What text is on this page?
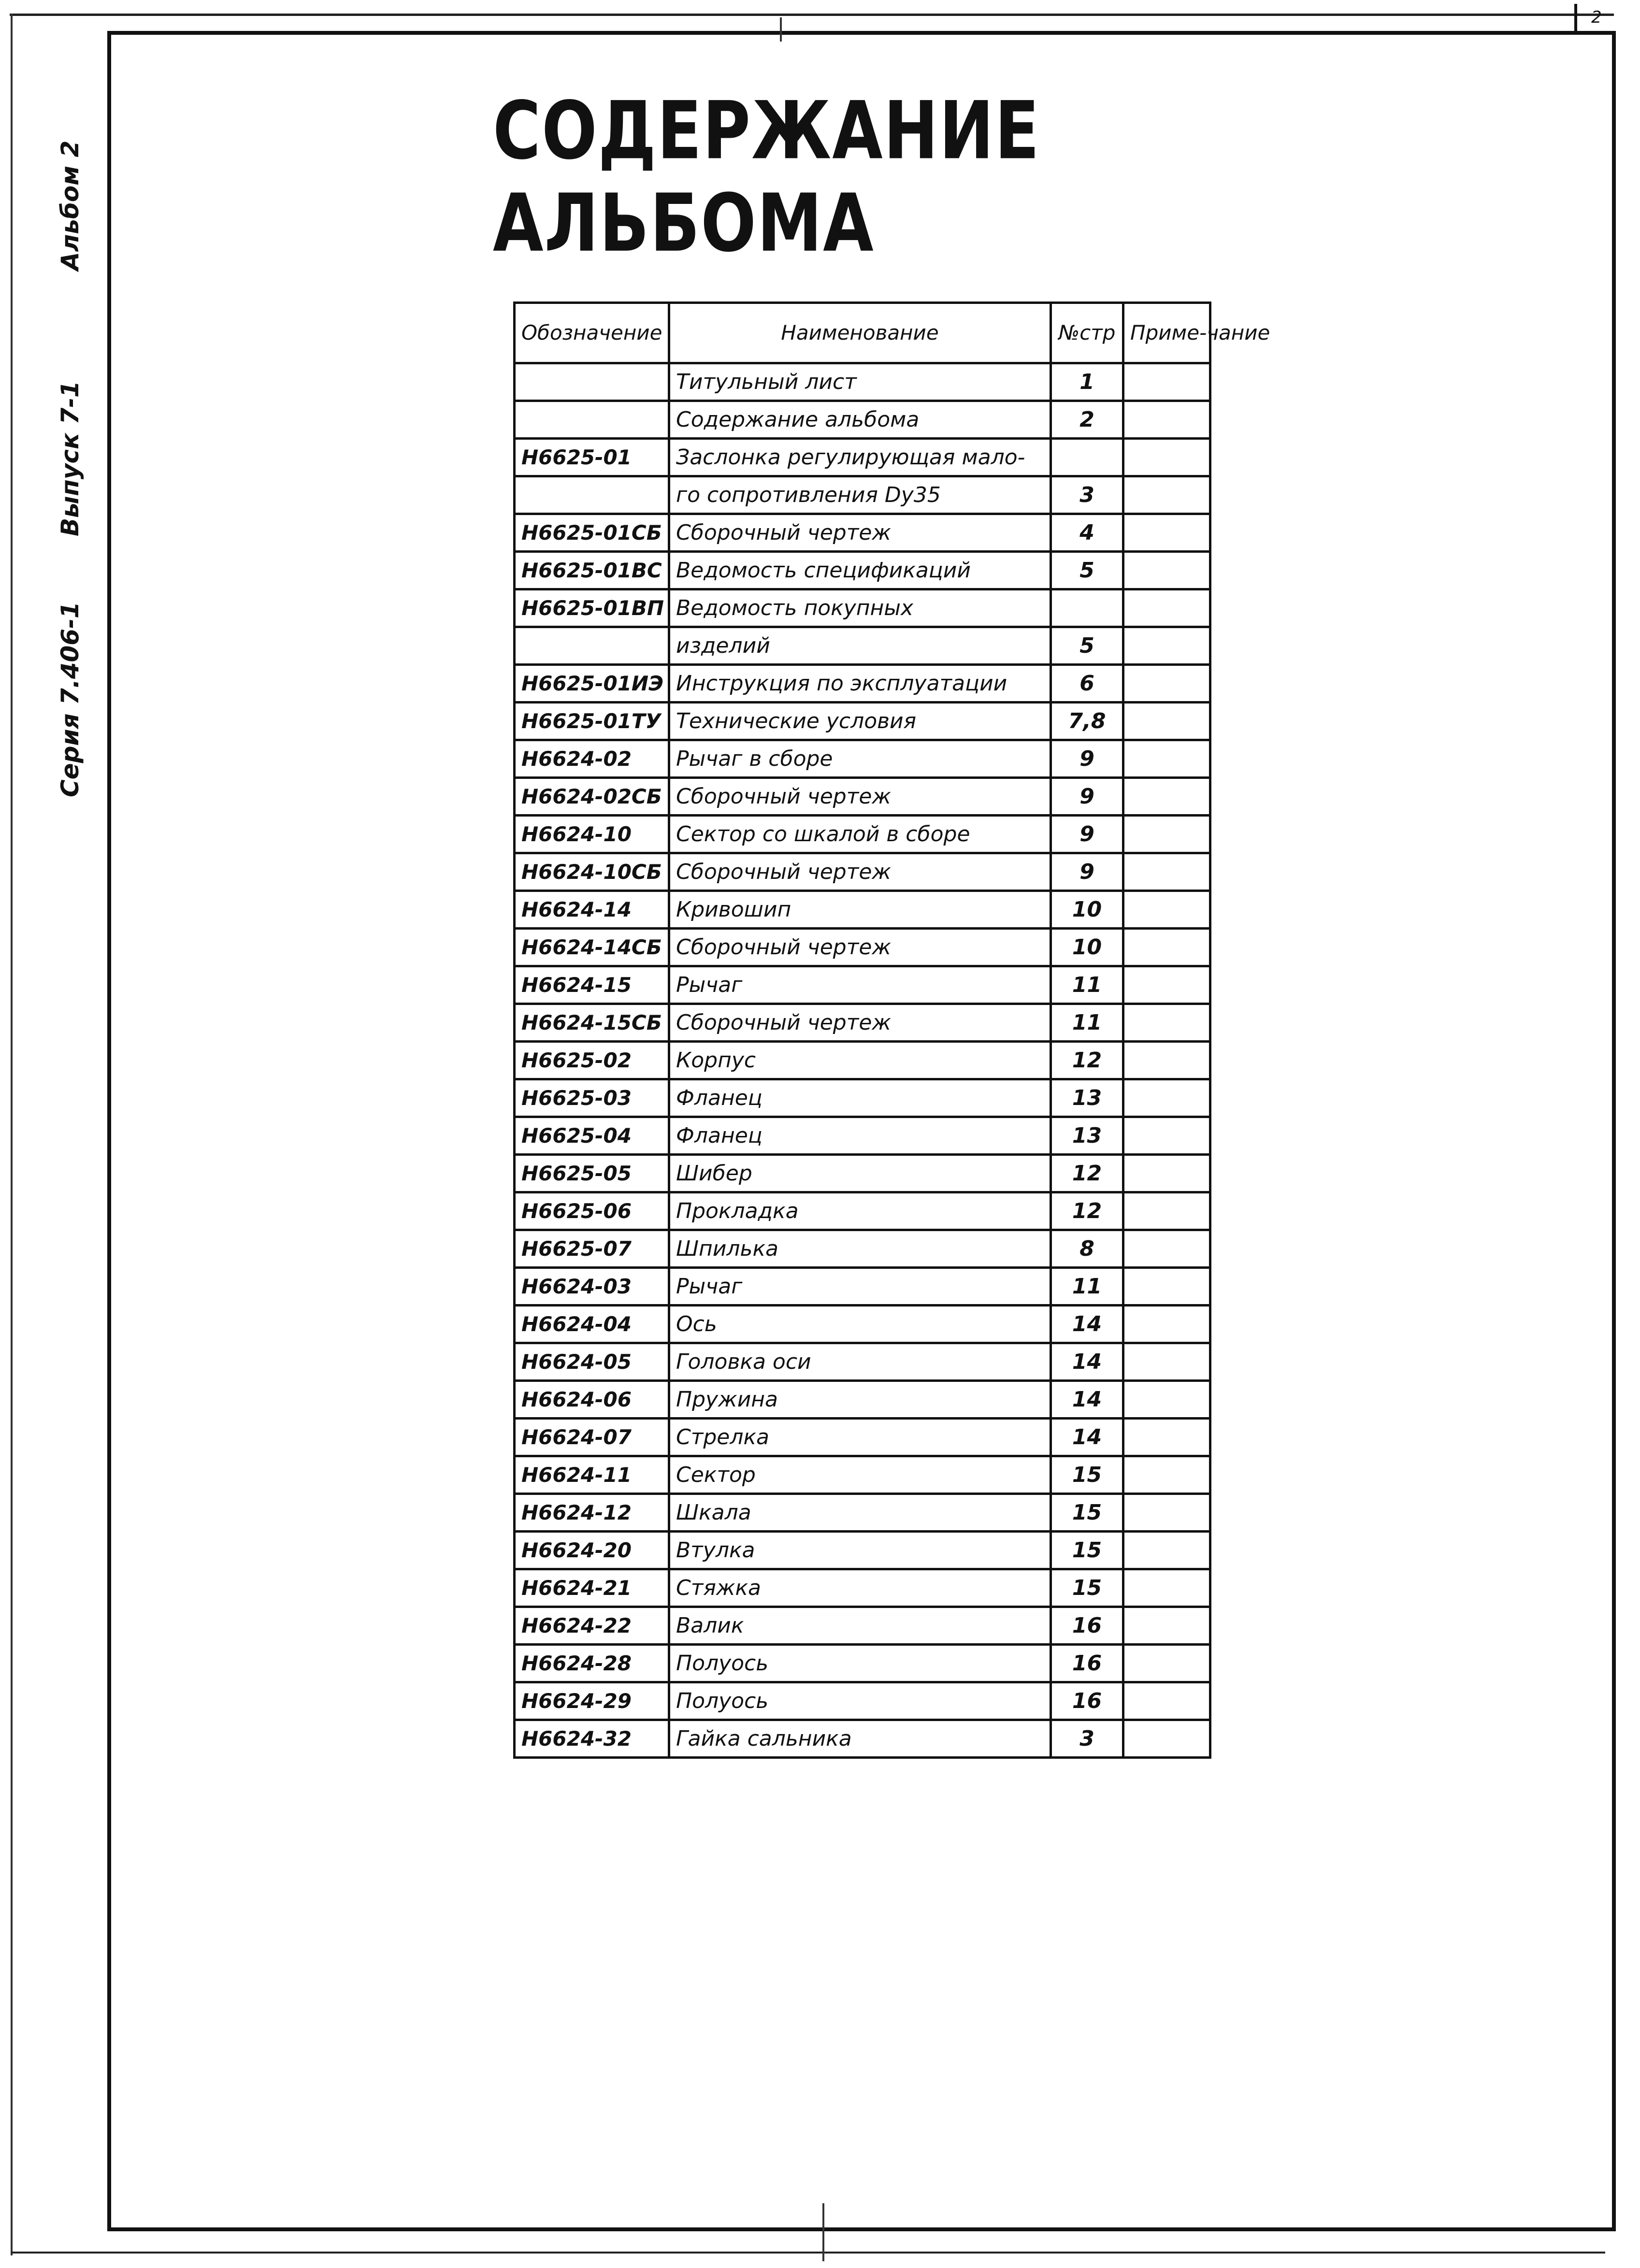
2
Альбом 2
Выпуск 7-1
Серия 7.406-1
СОДЕРЖАНИЕ АЛЬБОМА
Обозначение	Наименование	№стр	Приме-чание
	Титульный лист	1	
	Содержание альбома	2	
Н6625-01	Заслонка регулирующая мало-		
	го сопротивления Dу35	3	
Н6625-01СБ	Сборочный чертеж	4	
Н6625-01ВС	Ведомость спецификаций	5	
Н6625-01ВП	Ведомость покупных		
	изделий	5	
Н6625-01ИЭ	Инструкция по эксплуатации	6	
Н6625-01ТУ	Технические условия	7,8	
Н6624-02	Рычаг в сборе	9	
Н6624-02СБ	Сборочный чертеж	9	
Н6624-10	Сектор со шкалой в сборе	9	
Н6624-10СБ	Сборочный чертеж	9	
Н6624-14	Кривошип	10	
Н6624-14СБ	Сборочный чертеж	10	
Н6624-15	Рычаг	11	
Н6624-15СБ	Сборочный чертеж	11	
Н6625-02	Корпус	12	
Н6625-03	Фланец	13	
Н6625-04	Фланец	13	
Н6625-05	Шибер	12	
Н6625-06	Прокладка	12	
Н6625-07	Шпилька	8	
Н6624-03	Рычаг	11	
Н6624-04	Ось	14	
Н6624-05	Головка оси	14	
Н6624-06	Пружина	14	
Н6624-07	Стрелка	14	
Н6624-11	Сектор	15	
Н6624-12	Шкала	15	
Н6624-20	Втулка	15	
Н6624-21	Стяжка	15	
Н6624-22	Валик	16	
Н6624-28	Полуось	16	
Н6624-29	Полуось	16	
Н6624-32	Гайка сальника	3	
